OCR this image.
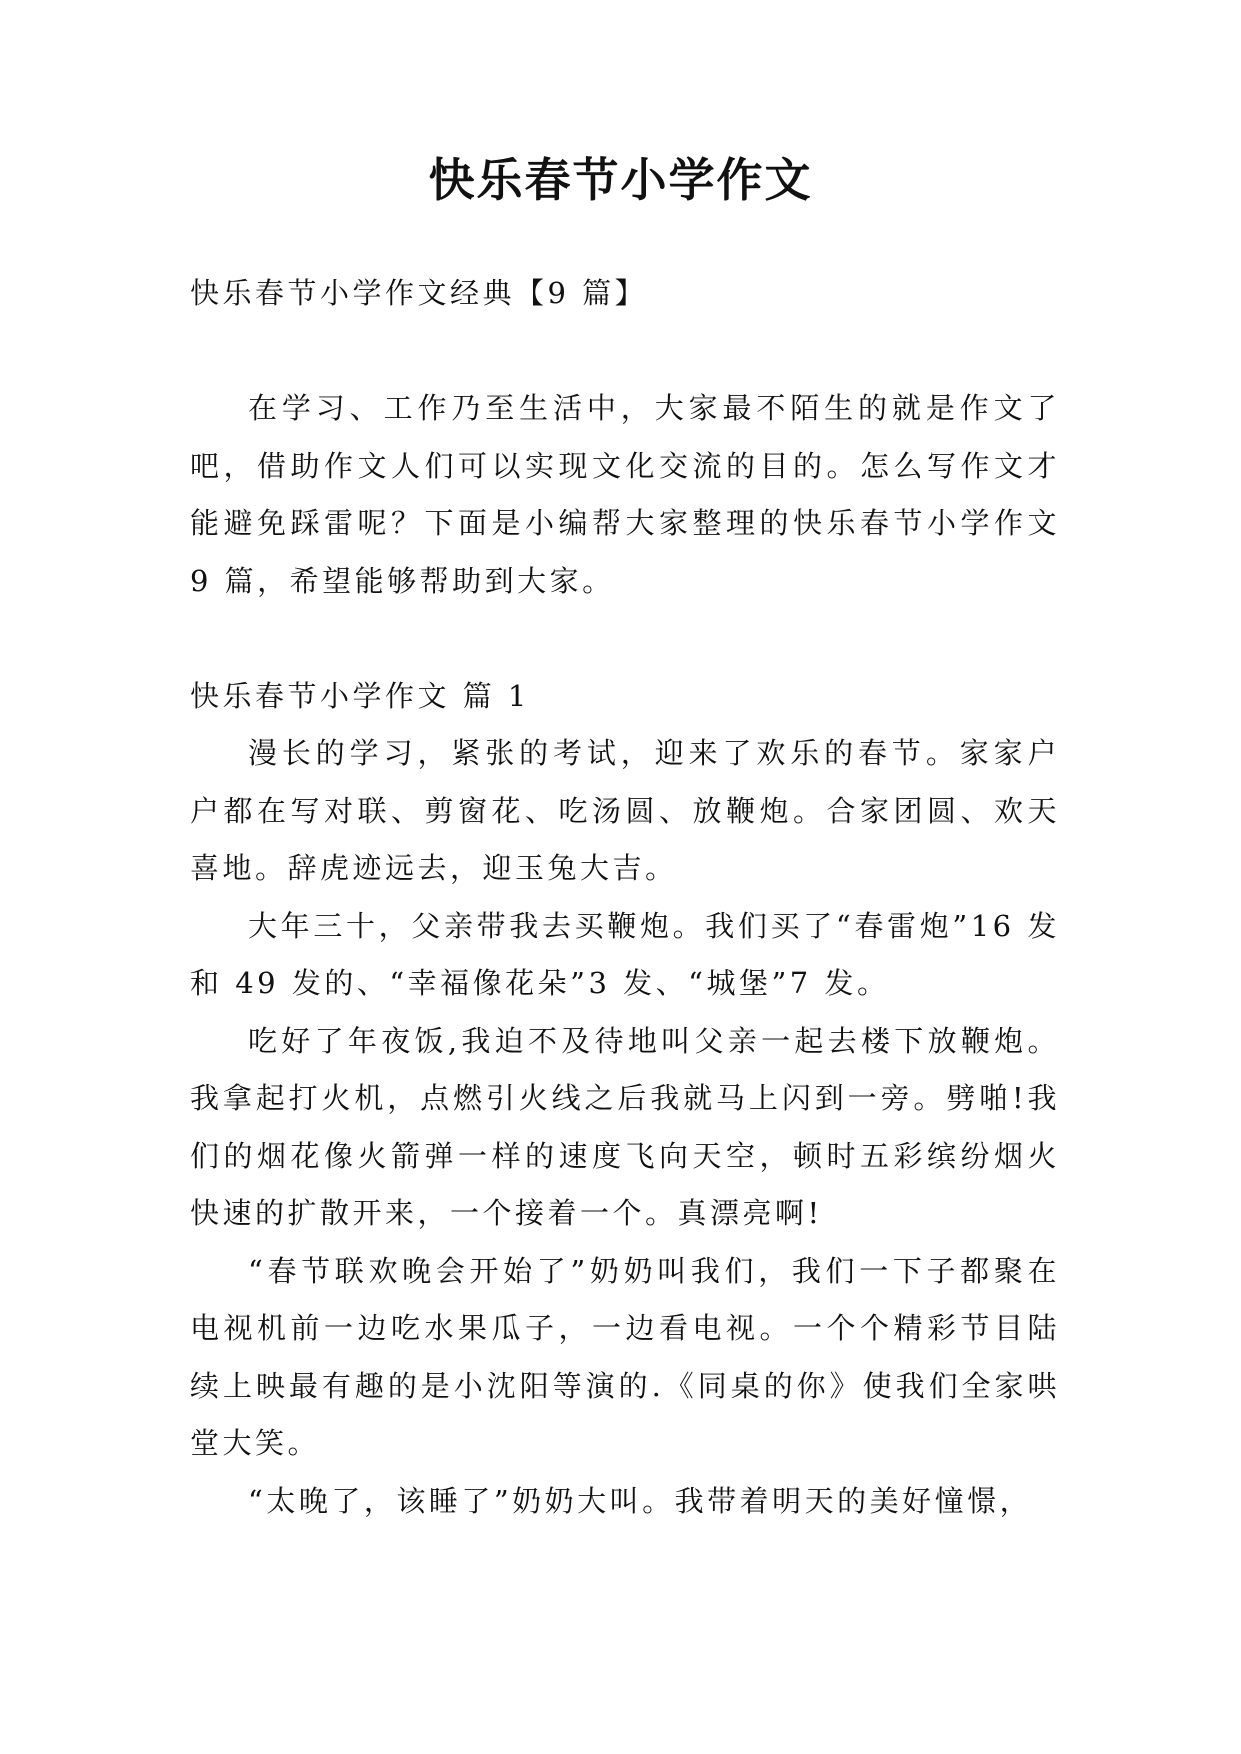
快乐春节小学作文

快乐春节小学作文经典【9 篇】

在学习、工作乃至生活中，大家最不陌生的就是作文了吧，借助作文人们可以实现文化交流的目的。怎么写作文才能避免踩雷呢？下面是小编帮大家整理的快乐春节小学作文 9 篇，希望能够帮助到大家。

快乐春节小学作文 篇 1

漫长的学习，紧张的考试，迎来了欢乐的春节。家家户户都在写对联、剪窗花、吃汤圆、放鞭炮。合家团圆、欢天喜地。辞虎迹远去，迎玉兔大吉。

大年三十，父亲带我去买鞭炮。我们买了“春雷炮”16 发和 49 发的、“幸福像花朵”3 发、“城堡”7 发。

吃好了年夜饭,我迫不及待地叫父亲一起去楼下放鞭炮。我拿起打火机，点燃引火线之后我就马上闪到一旁。劈啪!我们的烟花像火箭弹一样的速度飞向天空，顿时五彩缤纷烟火快速的扩散开来，一个接着一个。真漂亮啊!

“春节联欢晚会开始了”奶奶叫我们，我们一下子都聚在电视机前一边吃水果瓜子，一边看电视。一个个精彩节目陆续上映最有趣的是小沈阳等演的.《同桌的你》使我们全家哄堂大笑。

“太晚了，该睡了”奶奶大叫。我带着明天的美好憧憬，
